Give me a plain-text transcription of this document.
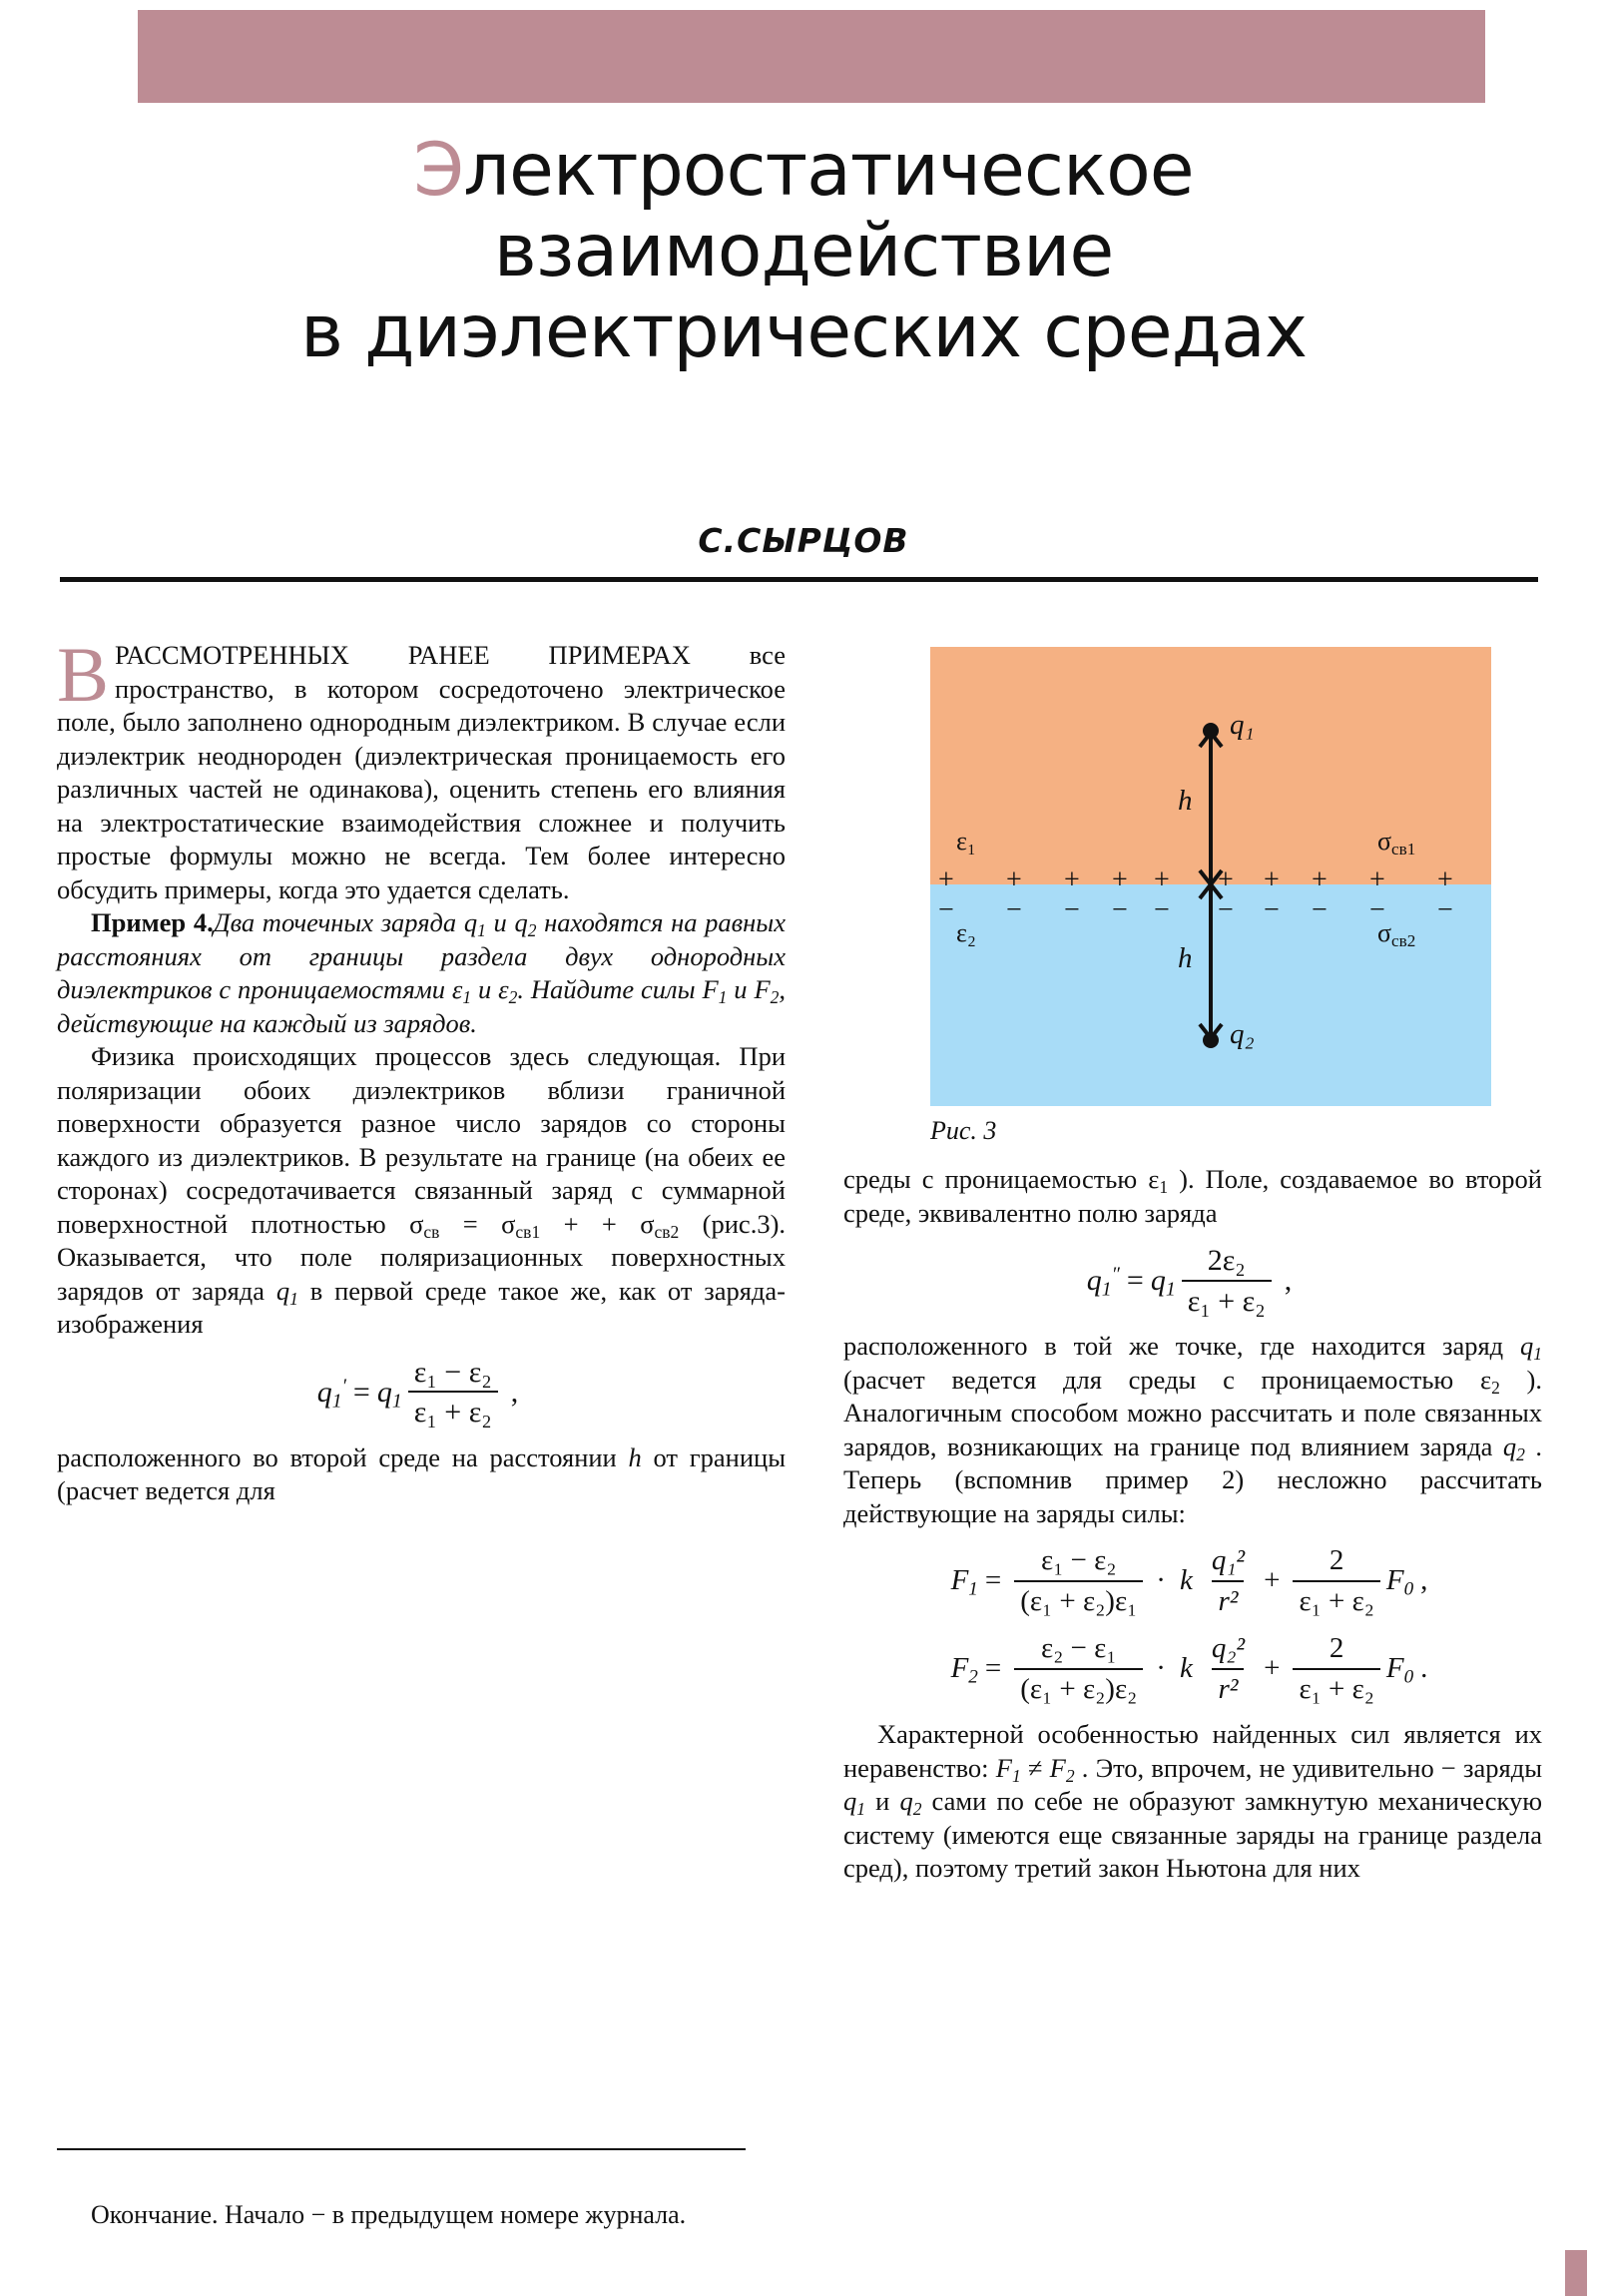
Электростатическое
взаимодействие
в диэлектрических средах
С.СЫРЦОВ
+ + + + + + + + + +
− − − − − − − − − −
q₁
q₂
h
h
ε₁
ε₂
$\sigma_{св1}$
$\sigma_{св2}$
Рис. 3

ВРАССМОТРЕННЫХ РАНЕЕ ПРИМЕРАХ все пространство, в котором сосредоточено электрическое поле, было заполнено однородным диэлектриком. В случае если диэлектрик неоднороден (диэлектрическая проницаемость его различных частей не одинакова), оценить степень его влияния на электростатические взаимодействия сложнее и получить простые формулы можно не всегда. Тем более интересно обсудить примеры, когда это удается сделать.

Пример 4.Два точечных заряда $q_1$ и $q_2$ находятся на равных расстояниях от границы раздела двух однородных диэлектриков с проницаемостями $\varepsilon_1$ и $\varepsilon_2$. Найдите силы $F_1$ и $F_2$, действующие на каждый из зарядов.

Физика происходящих процессов здесь следующая. При поляризации обоих диэлектриков вблизи граничной поверхности образуется разное число зарядов со стороны каждого из диэлектриков. В результате на границе (на обеих ее сторонах) сосредотачивается связанный заряд с суммарной поверхностной плотностью $\sigma_{св} = \sigma_{св1}$ + + $\sigma_{св2}$ (рис.3). Оказывается, что поле поляризационных поверхностных зарядов от заряда $q_1$ в первой среде такое же, как от заряда-изображения

$q_1' = q_1 \frac{\text{ε₁ − ε₂}}{\text{ε₁ + ε₂}}$ ,

расположенного во второй среде на расстоянии h от границы (расчет ведется для

среды с проницаемостью $\varepsilon_1$ ). Поле, создаваемое во второй среде, эквивалентно полю заряда

$q_1'' = q_1 \frac{\text{2ε₂}}{\text{ε₁ + ε₂}}$ ,

расположенного в той же точке, где находится заряд $q_1$ (расчет ведется для среды с проницаемостью $\varepsilon_2$ ). Аналогичным способом можно рассчитать и поле связанных зарядов, возникающих на границе под влиянием заряда $q_2$ . Теперь (вспомнив пример 2) несложно рассчитать действующие на заряды силы:

$F_1 = \frac{\text{ε₁ − ε₂}}{\text{(ε₁ + ε₂)ε₁}} \cdot k \frac{\text{q₁²}}{\text{r²}} + \frac{2}{\text{ε₁ + ε₂}} F_0$ ,
$F_2 = \frac{\text{ε₂ − ε₁}}{\text{(ε₁ + ε₂)ε₂}} \cdot k \frac{\text{q₂²}}{\text{r²}} + \frac{2}{\text{ε₁ + ε₂}} F_0$ .

Характерной особенностью найденных сил является их неравенство: $F_1 \ne F_2$ . Это, впрочем, не удивительно − заряды $q_1$ и $q_2$ сами по себе не образуют замкнутую механическую систему (имеются еще связанные заряды на границе раздела сред), поэтому третий закон Ньютона для них

Окончание. Начало − в предыдущем номере журнала.
